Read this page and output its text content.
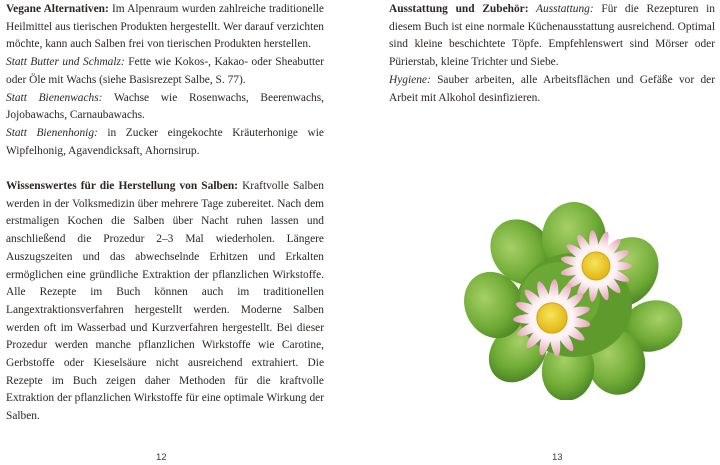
Vegane Alternativen: Im Alpenraum wurden zahlreiche traditionelle Heilmittel aus tierischen Produkten hergestellt. Wer darauf verzichten möchte, kann auch Salben frei von tierischen Produkten herstellen.

Statt Butter und Schmalz: Fette wie Kokos-, Kakao- oder Sheabutter oder Öle mit Wachs (siehe Basisrezept Salbe, S. 77).

Statt Bienenwachs: Wachse wie Rosenwachs, Beerenwachs, Jojobawachs, Carnaubawachs.

Statt Bienenhonig: in Zucker eingekochte Kräuterhonige wie Wipfelhonig, Agavendicksaft, Ahornsirup.

Wissenswertes für die Herstellung von Salben: Kraftvolle Salben werden in der Volksmedizin über mehrere Tage zubereitet. Nach dem erstmaligen Kochen die Salben über Nacht ruhen lassen und anschließend die Prozedur 2–3 Mal wiederholen. Längere Auszugszeiten und das abwechselnde Erhitzen und Erkalten ermöglichen eine gründliche Extraktion der pflanzlichen Wirkstoffe. Alle Rezepte im Buch können auch im traditionellen Langextraktionsverfahren hergestellt werden. Moderne Salben werden oft im Wasserbad und Kurzverfahren hergestellt. Bei dieser Prozedur werden manche pflanzlichen Wirkstoffe wie Carotine, Gerbstoffe oder Kieselsäure nicht ausreichend extrahiert. Die Rezepte im Buch zeigen daher Methoden für die kraftvolle Extraktion der pflanzlichen Wirkstoffe für eine optimale Wirkung der Salben.

12

Ausstattung und Zubehör: Ausstattung: Für die Rezepturen in diesem Buch ist eine normale Küchenausstattung ausreichend. Optimal sind kleine beschichtete Töpfe. Empfehlenswert sind Mörser oder Pürierstab, kleine Trichter und Siebe.

Hygiene: Sauber arbeiten, alle Arbeitsflächen und Gefäße vor der Arbeit mit Alkohol desinfizieren.

13
